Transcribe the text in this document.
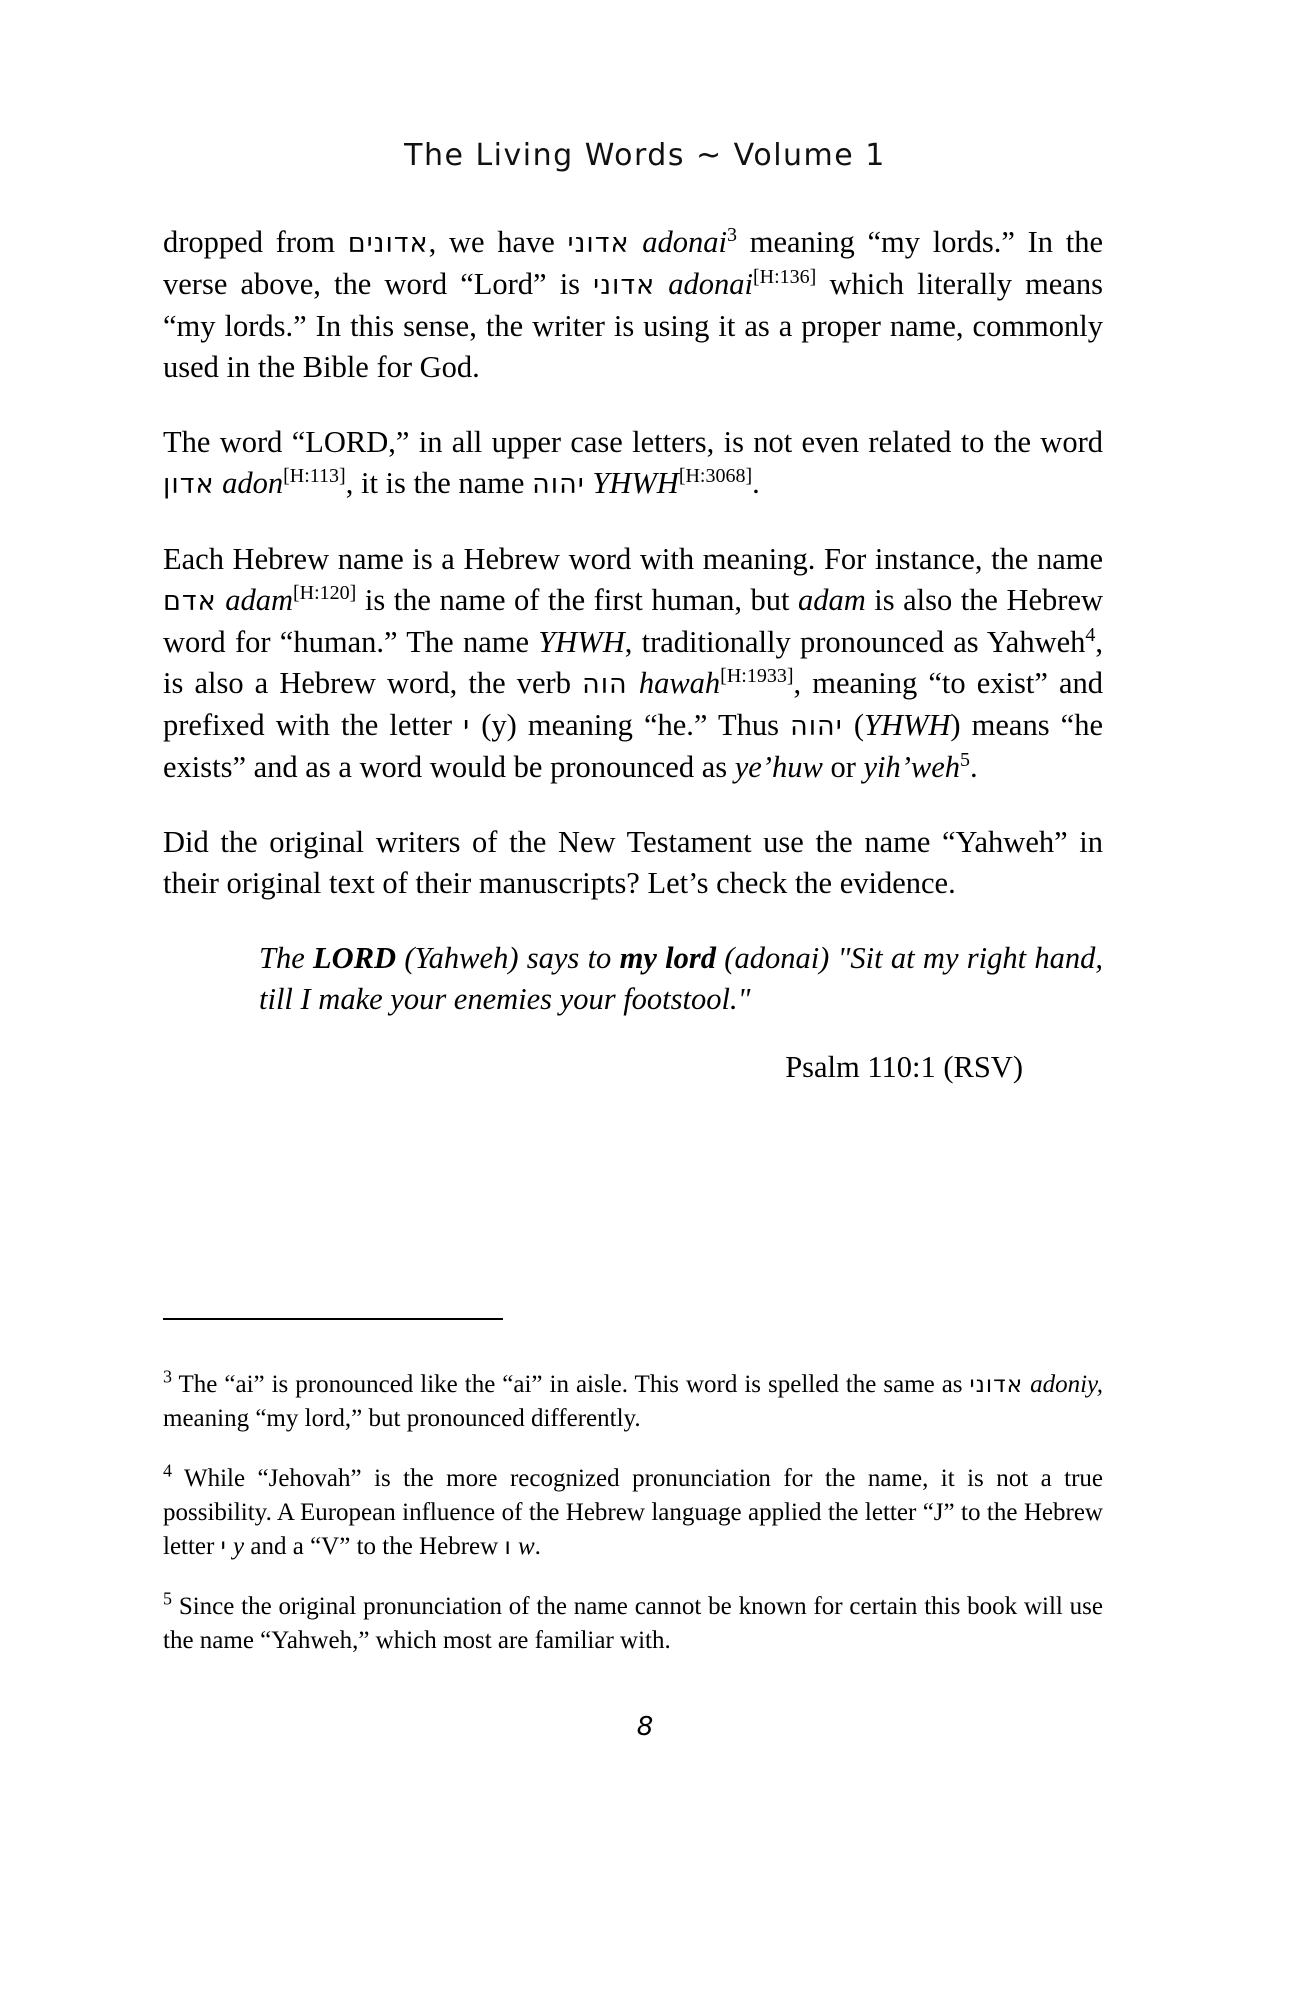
The Living Words ~ Volume 1

dropped from אדונים, we have אדוני adonai$^3$ meaning “my lords.” In the verse above, the word “Lord” is אדוני adonai[H:136] which literally means “my lords.” In this sense, the writer is using it as a proper name, commonly used in the Bible for God.

The word “LORD,” in all upper case letters, is not even related to the word אדון adon[H:113], it is the name יהוה YHWH[H:3068].

Each Hebrew name is a Hebrew word with meaning. For instance, the name אדם adam[H:120] is the name of the first human, but adam is also the Hebrew word for “human.” The name YHWH, traditionally pronounced as Yahweh$^4$, is also a Hebrew word, the verb הוה hawah[H:1933], meaning “to exist” and prefixed with the letter י (y) meaning “he.” Thus יהוה (YHWH) means “he exists” and as a word would be pronounced as ye’huw or yih’weh$^5$.

Did the original writers of the New Testament use the name “Yahweh” in their original text of their manuscripts? Let’s check the evidence.

The LORD (Yahweh) says to my lord (adonai) "Sit at my right hand, till I make your enemies your footstool."

Psalm 110:1 (RSV)

$^3$ The “ai” is pronounced like the “ai” in aisle. This word is spelled the same as אדוני adoniy, meaning “my lord,” but pronounced differently.

$^4$ While “Jehovah” is the more recognized pronunciation for the name, it is not a true possibility. A European influence of the Hebrew language applied the letter “J” to the Hebrew letter י y and a “V” to the Hebrew ו w.

$^5$ Since the original pronunciation of the name cannot be known for certain this book will use the name “Yahweh,” which most are familiar with.

8
